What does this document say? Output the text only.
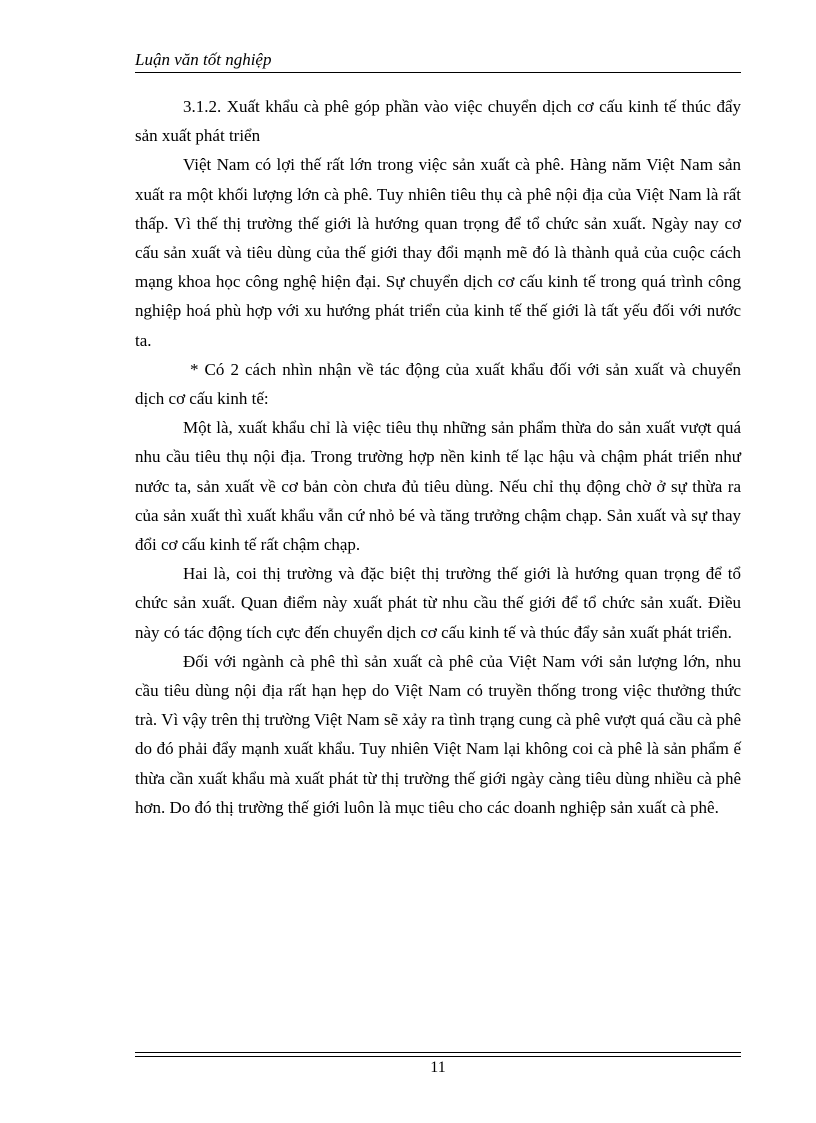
Luận văn tốt nghiệp

3.1.2. Xuất khẩu cà phê góp phần vào việc chuyển dịch cơ cấu kinh tế thúc đẩy sản xuất phát triển

Việt Nam có lợi thế rất lớn trong việc sản xuất cà phê. Hàng năm Việt Nam sản xuất ra một khối lượng lớn cà phê. Tuy nhiên tiêu thụ cà phê nội địa của Việt Nam là rất thấp. Vì thế thị trường thế giới là hướng quan trọng để tổ chức sản xuất. Ngày nay cơ cấu sản xuất và tiêu dùng của thế giới thay đổi mạnh mẽ đó là thành quả của cuộc cách mạng khoa học công nghệ hiện đại. Sự chuyển dịch cơ cấu kinh tế trong quá trình công nghiệp hoá phù hợp với xu hướng phát triển của kinh tế thế giới là tất yếu đối với nước ta.

* Có 2 cách nhìn nhận về tác động của xuất khẩu đối với sản xuất và chuyển dịch cơ cấu kinh tế:

Một là, xuất khẩu chỉ là việc tiêu thụ những sản phẩm thừa do sản xuất vượt quá nhu cầu tiêu thụ nội địa. Trong trường hợp nền kinh tế lạc hậu và chậm phát triển như nước ta, sản xuất về cơ bản còn chưa đủ tiêu dùng. Nếu chỉ thụ động chờ ở sự thừa ra của sản xuất thì xuất khẩu vẫn cứ nhỏ bé và tăng trưởng chậm chạp. Sản xuất và sự thay đổi cơ cấu kinh tế rất chậm chạp.

Hai là, coi thị trường và đặc biệt thị trường thế giới là hướng quan trọng để tổ chức sản xuất. Quan điểm này xuất phát từ nhu cầu thế giới để tổ chức sản xuất. Điều này có tác động tích cực đến chuyển dịch cơ cấu kinh tế và thúc đẩy sản xuất phát triển.

Đối với ngành cà phê thì sản xuất cà phê của Việt Nam với sản lượng lớn, nhu cầu tiêu dùng nội địa rất hạn hẹp do Việt Nam có truyền thống trong việc thưởng thức trà. Vì vậy trên thị trường Việt Nam sẽ xảy ra tình trạng cung cà phê vượt quá cầu cà phê do đó phải đẩy mạnh xuất khẩu. Tuy nhiên Việt Nam lại không coi cà phê là sản phẩm ế thừa cần xuất khẩu mà xuất phát từ thị trường thế giới ngày càng tiêu dùng nhiều cà phê hơn. Do đó thị trường thế giới luôn là mục tiêu cho các doanh nghiệp sản xuất cà phê.

11
